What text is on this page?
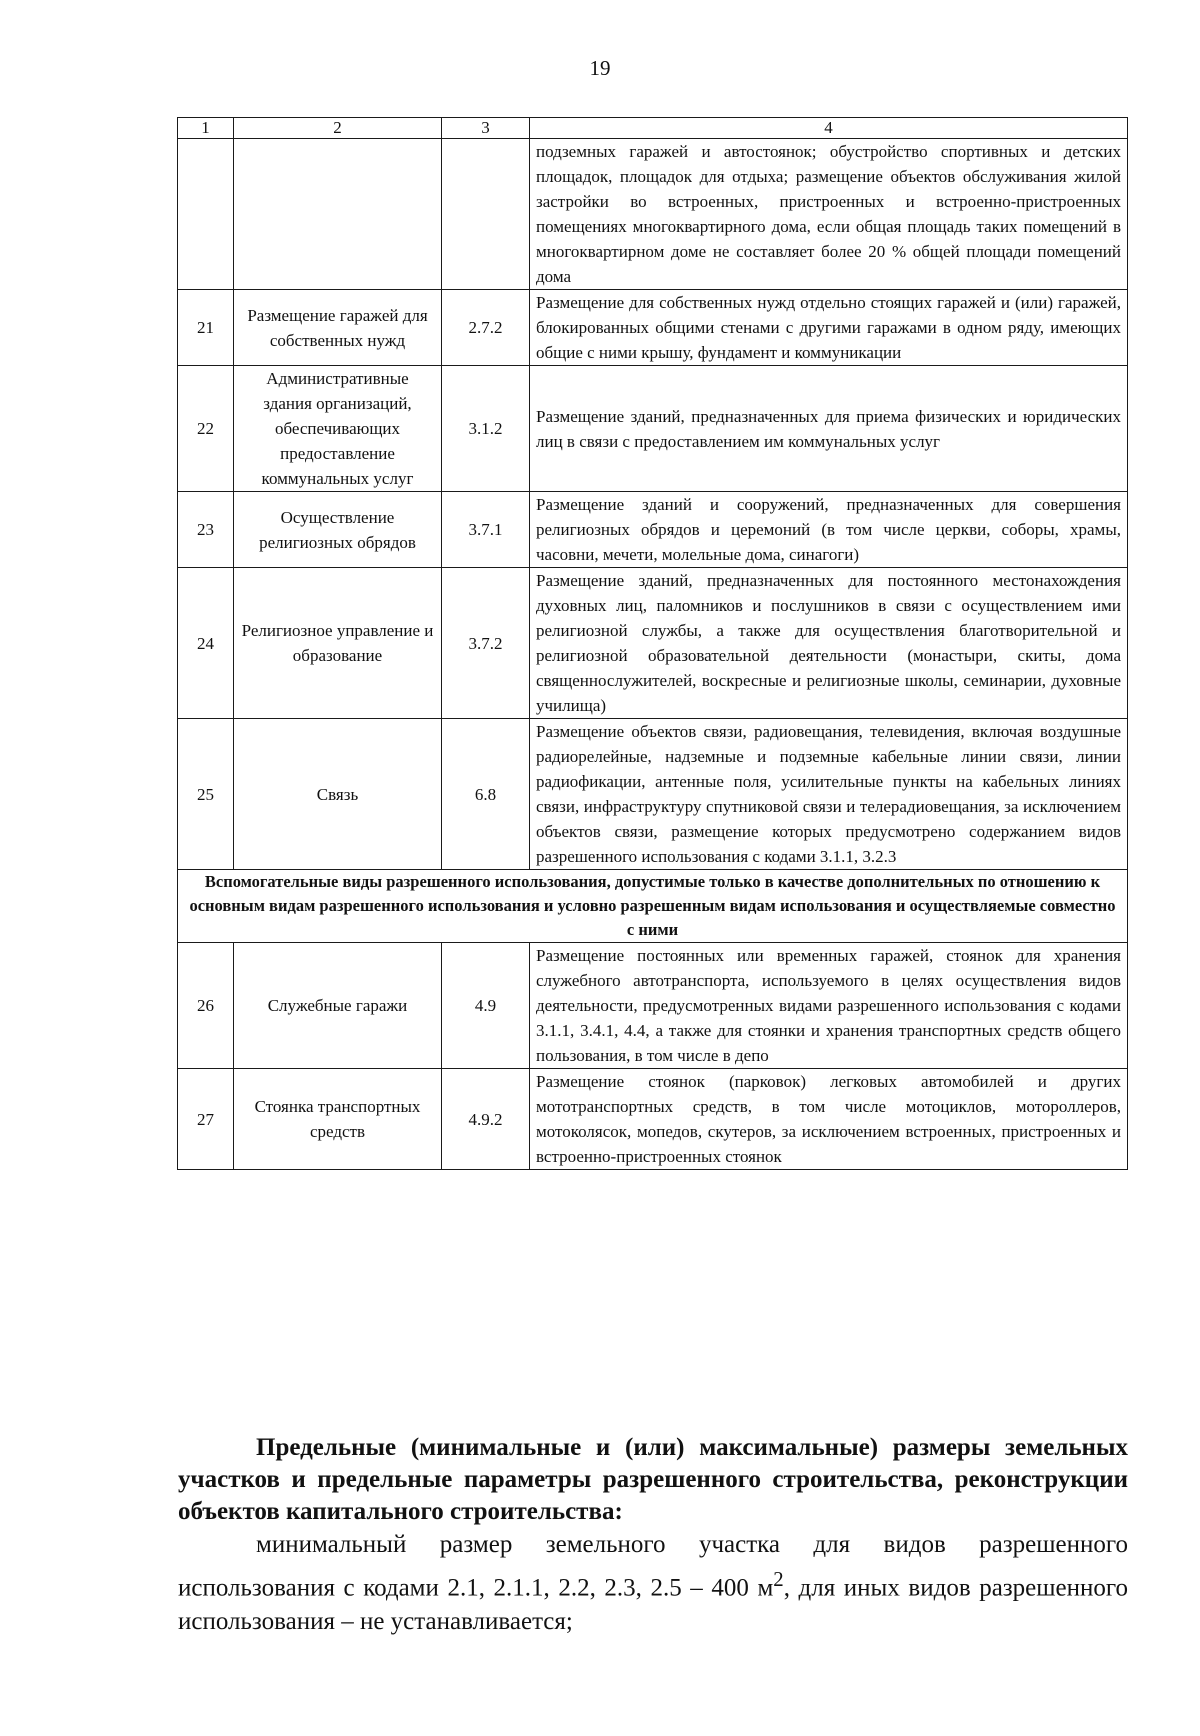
19
1	2	3	4
			подземных гаражей и автостоянок; обустройство спортивных и детских площадок, площадок для отдыха; размещение объектов обслуживания жилой застройки во встроенных, пристроенных и встроенно-пристроенных помещениях многоквартирного дома, если общая площадь таких помещений в многоквартирном доме не составляет более 20 % общей площади помещений дома
21	Размещение гаражей для собственных нужд	2.7.2	Размещение для собственных нужд отдельно стоящих гаражей и (или) гаражей, блокированных общими стенами с другими гаражами в одном ряду, имеющих общие с ними крышу, фундамент и коммуникации
22	Административные здания организаций, обеспечивающих предоставление коммунальных услуг	3.1.2	Размещение зданий, предназначенных для приема физических и юридических лиц в связи с предоставлением им коммунальных услуг
23	Осуществление религиозных обрядов	3.7.1	Размещение зданий и сооружений, предназначенных для совершения религиозных обрядов и церемоний (в том числе церкви, соборы, храмы, часовни, мечети, молельные дома, синагоги)
24	Религиозное управление и образование	3.7.2	Размещение зданий, предназначенных для постоянного местонахождения духовных лиц, паломников и послушников в связи с осуществлением ими религиозной службы, а также для осуществления благотворительной и религиозной образовательной деятельности (монастыри, скиты, дома священнослужителей, воскресные и религиозные школы, семинарии, духовные училища)
25	Связь	6.8	Размещение объектов связи, радиовещания, телевидения, включая воздушные радиорелейные, надземные и подземные кабельные линии связи, линии радиофикации, антенные поля, усилительные пункты на кабельных линиях связи, инфраструктуру спутниковой связи и телерадиовещания, за исключением объектов связи, размещение которых предусмотрено содержанием видов разрешенного использования с кодами 3.1.1, 3.2.3
Вспомогательные виды разрешенного использования, допустимые только в качестве дополнительных по отношению к основным видам разрешенного использования и условно разрешенным видам использования и осуществляемые совместно с ними			
26	Служебные гаражи	4.9	Размещение постоянных или временных гаражей, стоянок для хранения служебного автотранспорта, используемого в целях осуществления видов деятельности, предусмотренных видами разрешенного использования с кодами 3.1.1, 3.4.1, 4.4, а также для стоянки и хранения транспортных средств общего пользования, в том числе в депо
27	Стоянка транспортных средств	4.9.2	Размещение стоянок (парковок) легковых автомобилей и других мототранспортных средств, в том числе мотоциклов, мотороллеров, мотоколясок, мопедов, скутеров, за исключением встроенных, пристроенных и встроенно-пристроенных стоянок

Предельные (минимальные и (или) максимальные) размеры земельных участков и предельные параметры разрешенного строительства, реконструкции объектов капитального строительства:

минимальный размер земельного участка для видов разрешенного использования с кодами 2.1, 2.1.1, 2.2, 2.3, 2.5 – 400 $м^2$, для иных видов разрешенного использования – не устанавливается;
